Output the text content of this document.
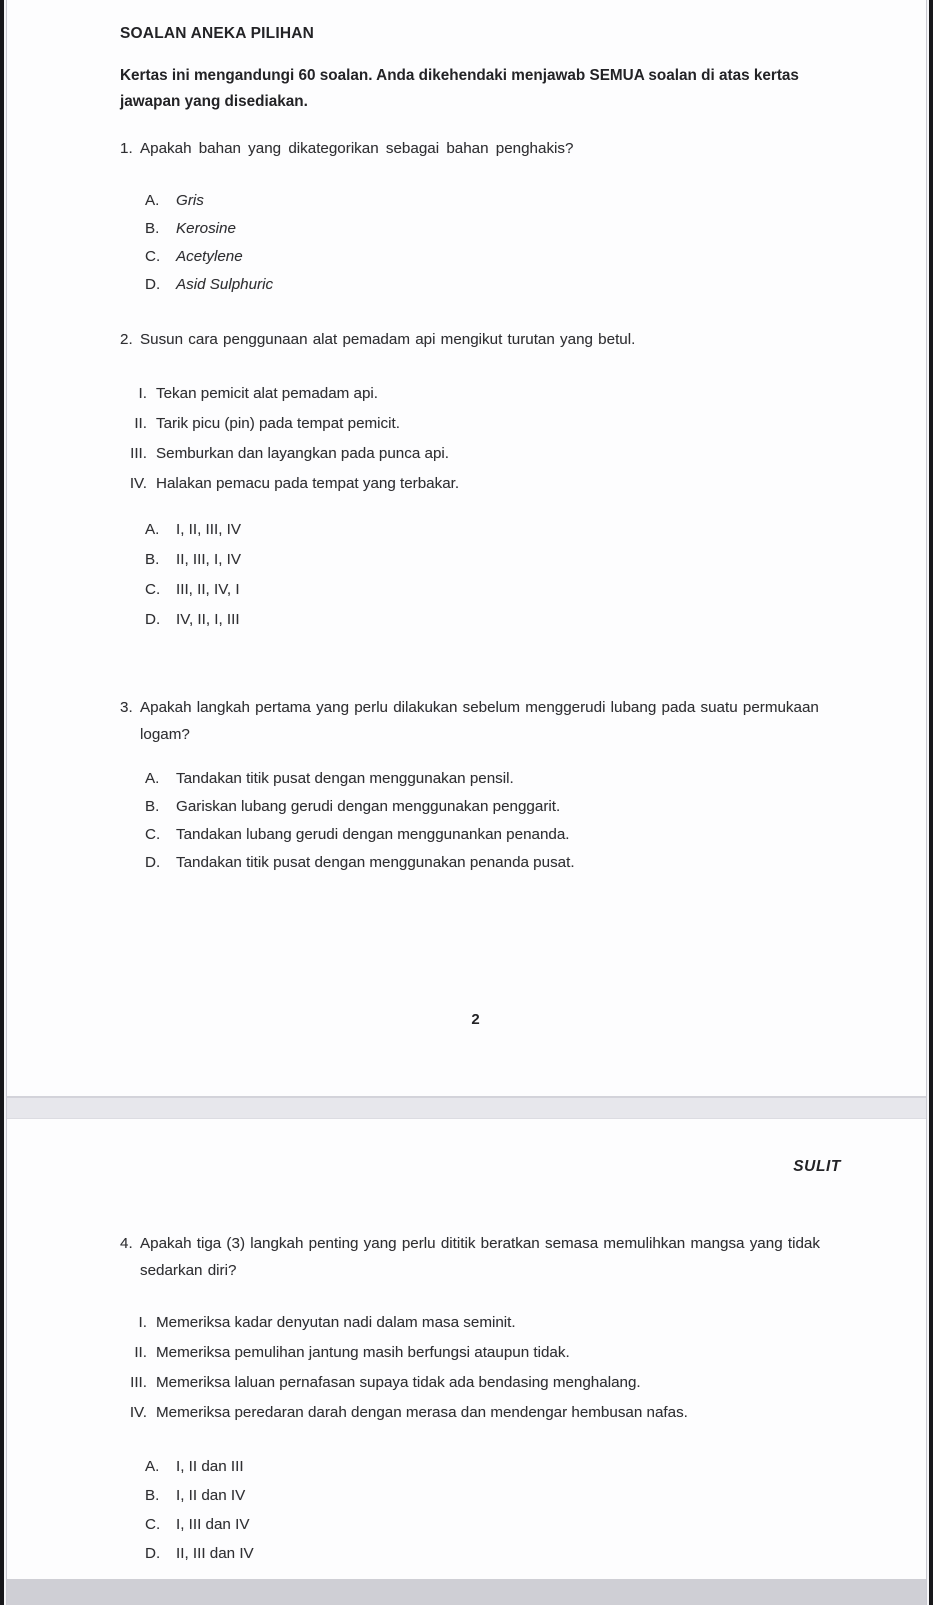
SOALAN ANEKA PILIHAN
Kertas ini mengandungi 60 soalan. Anda dikehendaki menjawab SEMUA soalan di atas kertas
jawapan yang disediakan.
1. Apakah bahan yang dikategorikan sebagai bahan penghakis?
A.	Gris
B.	Kerosine
C.	Acetylene
D.	Asid Sulphuric
2. Susun cara penggunaan alat pemadam api mengikut turutan yang betul.
I. Tekan pemicit alat pemadam api.
II. Tarik picu (pin) pada tempat pemicit.
III. Semburkan dan layangkan pada punca api.
IV. Halakan pemacu pada tempat yang terbakar.
A.	I, II, III, IV
B.	II, III, I, IV
C.	III, II, IV, I
D.	IV, II, I, III
3. Apakah langkah pertama yang perlu dilakukan sebelum menggerudi lubang pada suatu permukaan
logam?
A.	Tandakan titik pusat dengan menggunakan pensil.
B.	Gariskan lubang gerudi dengan menggunakan penggarit.
C.	Tandakan lubang gerudi dengan menggunankan penanda.
D.	Tandakan titik pusat dengan menggunakan penanda pusat.
2
SULIT
4. Apakah tiga (3) langkah penting yang perlu dititik beratkan semasa memulihkan mangsa yang tidak
sedarkan diri?
I. Memeriksa kadar denyutan nadi dalam masa seminit.
II. Memeriksa pemulihan jantung masih berfungsi ataupun tidak.
III. Memeriksa laluan pernafasan supaya tidak ada bendasing menghalang.
IV. Memeriksa peredaran darah dengan merasa dan mendengar hembusan nafas.
A.	I, II dan III
B.	I, II dan IV
C.	I, III dan IV
D.	II, III dan IV
